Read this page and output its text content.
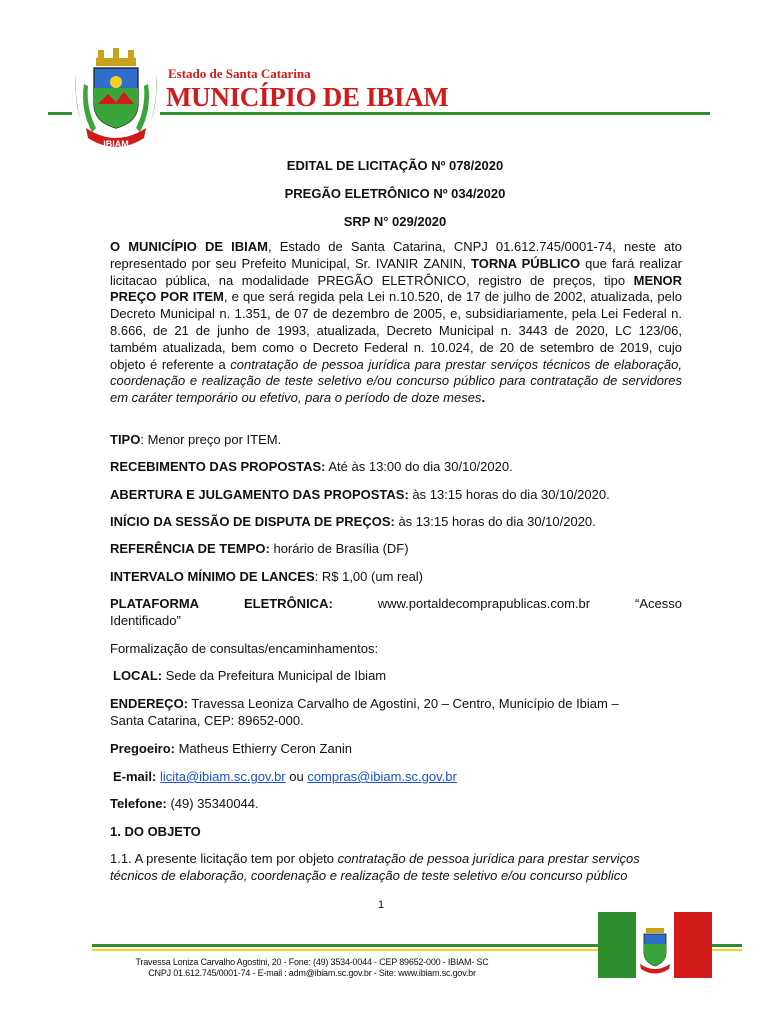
IBIAM
Estado de Santa Catarina
MUNICÍPIO DE IBIAM
EDITAL DE LICITAÇÃO Nº 078/2020
PREGÃO ELETRÔNICO Nº 034/2020
SRP N° 029/2020
O MUNICÍPIO DE IBIAM, Estado de Santa Catarina, CNPJ 01.612.745/0001-74, neste ato representado por seu Prefeito Municipal, Sr. IVANIR ZANIN, TORNA PÚBLICO que fará realizar licitacao pública, na modalidade PREGÃO ELETRÔNICO, registro de preços, tipo MENOR PREÇO POR ITEM, e que será regida pela Lei n.10.520, de 17 de julho de 2002, atualizada, pelo Decreto Municipal n. 1.351, de 07 de dezembro de 2005, e, subsidiariamente, pela Lei Federal n. 8.666, de 21 de junho de 1993, atualizada, Decreto Municipal n. 3443 de 2020, LC 123/06, também atualizada, bem como o Decreto Federal n. 10.024, de 20 de setembro de 2019, cujo objeto é referente a contratação de pessoa jurídica para prestar serviços técnicos de elaboração, coordenação e realização de teste seletivo e/ou concurso público para contratação de servidores em caráter temporário ou efetivo, para o período de doze meses.
TIPO: Menor preço por ITEM.
RECEBIMENTO DAS PROPOSTAS: Até às 13:00 do dia 30/10/2020.
ABERTURA E JULGAMENTO DAS PROPOSTAS: às 13:15 horas do dia 30/10/2020.
INÍCIO DA SESSÃO DE DISPUTA DE PREÇOS: às 13:15 horas do dia 30/10/2020.
REFERÊNCIA DE TEMPO: horário de Brasília (DF)
INTERVALO MÍNIMO DE LANCES: R$ 1,00 (um real)
PLATAFORMA	ELETRÔNICA:	www.portaldecomprapublicas.com.br	“Acesso
Identificado”
Formalização de consultas/encaminhamentos:
LOCAL: Sede da Prefeitura Municipal de Ibiam
ENDEREÇO: Travessa Leoniza Carvalho de Agostini, 20 – Centro, Município de Ibiam –
Santa Catarina, CEP: 89652-000.
Pregoeiro: Matheus Ethierry Ceron Zanin
E-mail: licita@ibiam.sc.gov.br ou compras@ibiam.sc.gov.br
Telefone: (49) 35340044.
1. DO OBJETO
1.1. A presente licitação tem por objeto contratação de pessoa jurídica para prestar serviços
técnicos de elaboração, coordenação e realização de teste seletivo e/ou concurso público
1
Travessa Loniza Carvalho Agostini, 20 - Fone: (49) 3534-0044 - CEP 89652-000 - IBIAM- SC
CNPJ 01.612.745/0001-74 - E-mail : adm@ibiam.sc.gov.br - Site: www.ibiam.sc.gov.br
